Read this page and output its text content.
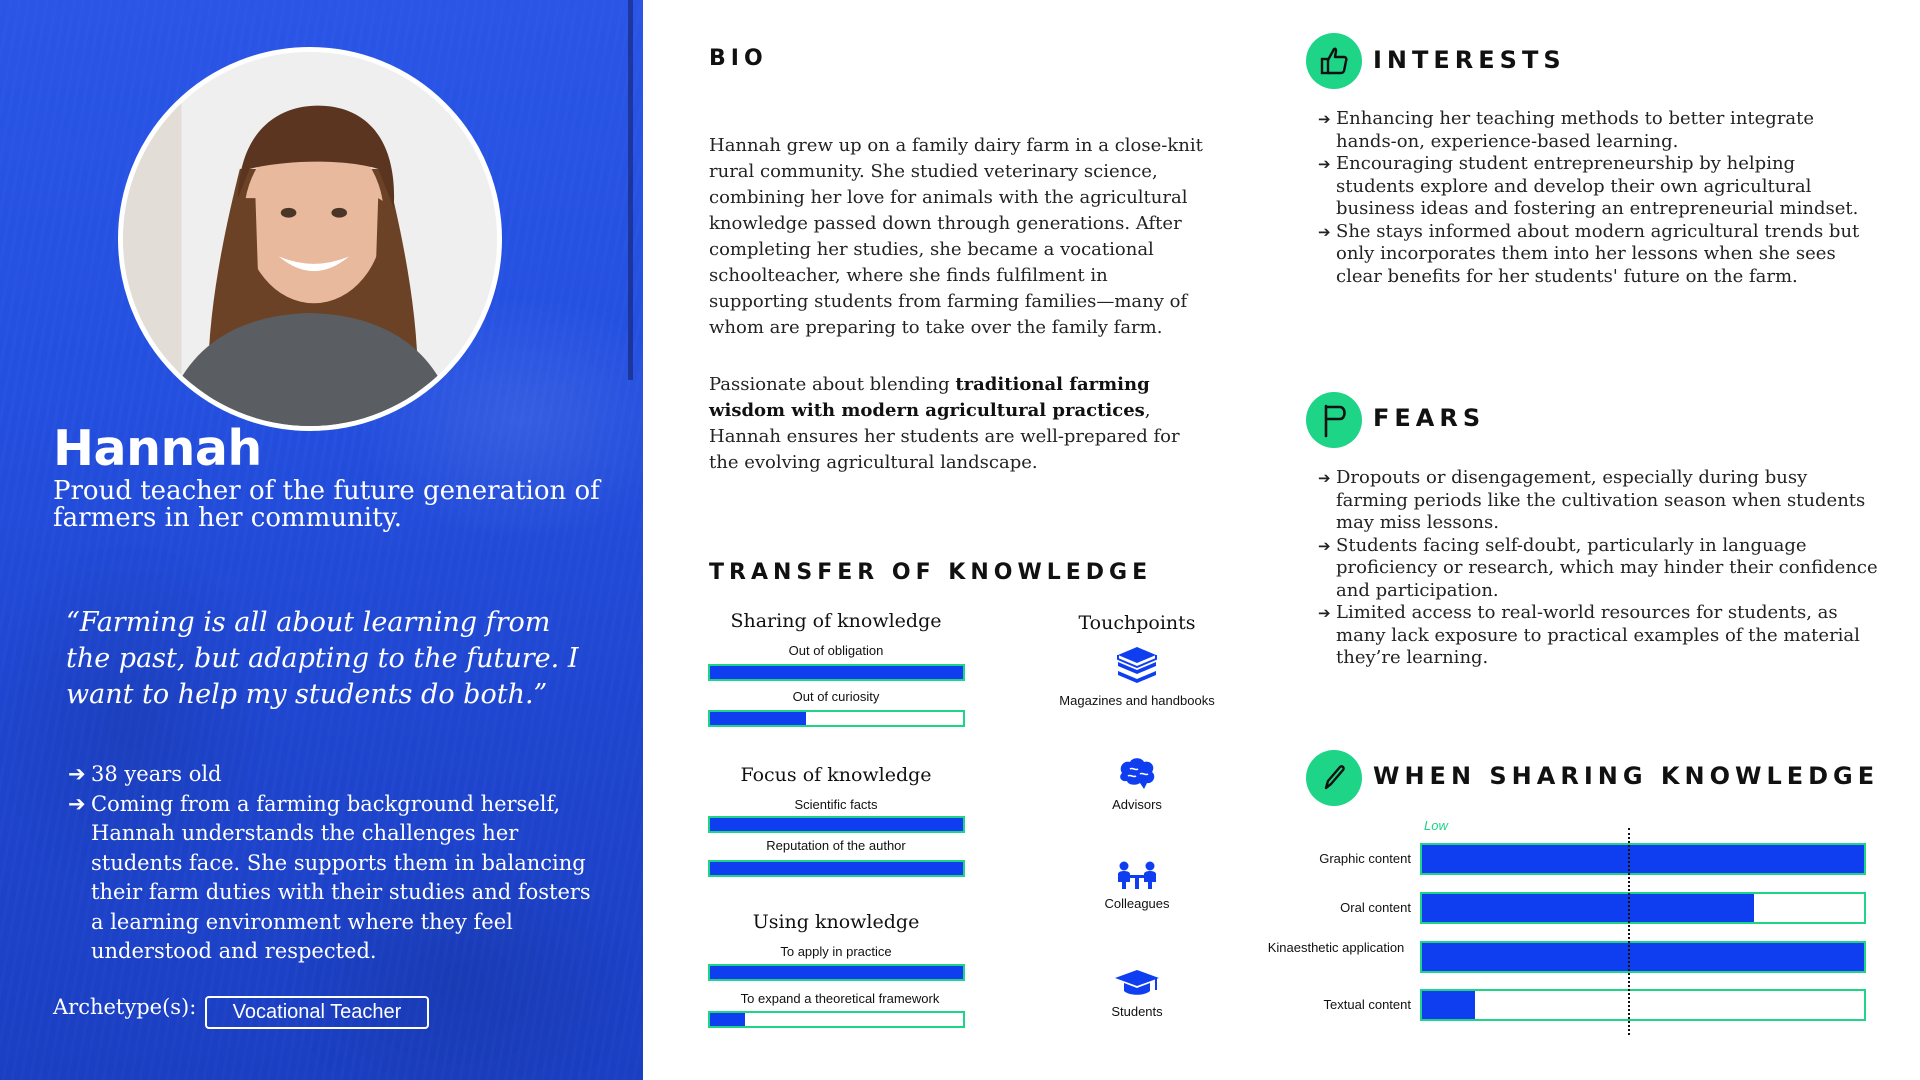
Hannah
Proud teacher of the future generation of farmers in her community.
“Farming is all about learning from the past, but adapting to the future. I want to help my students do both.”
➔ 38 years old
➔ Coming from a farming background herself, Hannah understands the challenges her students face. She supports them in balancing their farm duties with their studies and fosters a learning environment where they feel understood and respected.
Archetype(s):	Vocational Teacher
BIO

Hannah grew up on a family dairy farm in a close-knit rural community. She studied veterinary science, combining her love for animals with the agricultural knowledge passed down through generations. After completing her studies, she became a vocational schoolteacher, where she finds fulfilment in supporting students from farming families—many of whom are preparing to take over the family farm.

Passionate about blending traditional farming wisdom with modern agricultural practices, Hannah ensures her students are well-prepared for the evolving agricultural landscape.

TRANSFER OF KNOWLEDGE
Sharing of knowledge
Out of obligation
Out of curiosity
Focus of knowledge
Scientific facts
Reputation of the author
Using knowledge
To apply in practice
To expand a theoretical framework
Touchpoints
Magazines and handbooks
Advisors
Colleagues
Students
INTERESTS
➔ Enhancing her teaching methods to better integrate hands-on, experience-based learning.
➔ Encouraging student entrepreneurship by helping students explore and develop their own agricultural business ideas and fostering an entrepreneurial mindset.
➔ She stays informed about modern agricultural trends but only incorporates them into her lessons when she sees clear benefits for her students' future on the farm.
FEARS
➔ Dropouts or disengagement, especially during busy farming periods like the cultivation season when students may miss lessons.
➔ Students facing self-doubt, particularly in language proficiency or research, which may hinder their confidence and participation.
➔ Limited access to real-world resources for students, as many lack exposure to practical examples of the material they’re learning.
WHEN SHARING KNOWLEDGE
Low
Graphic content
Oral content
Kinaesthetic application
Textual content
